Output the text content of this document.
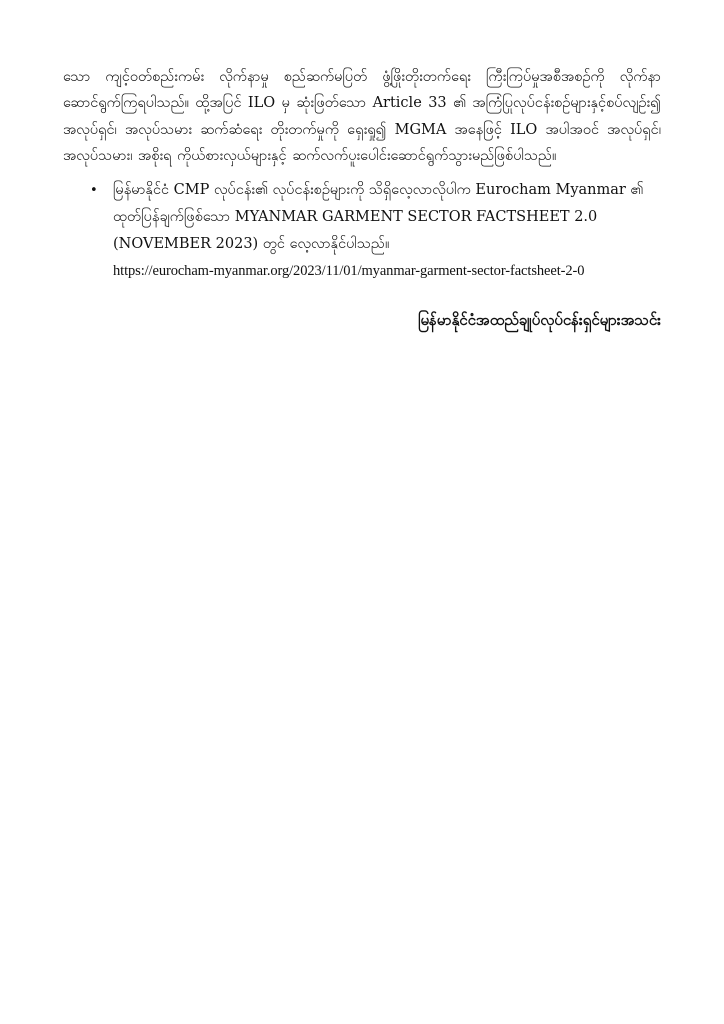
သော ကျင့်ဝတ်စည်းကမ်း လိုက်နာမှု စည်ဆက်မပြတ် ဖွံ့ဖြိုးတိုးတက်ရေး ကြီးကြပ်မှုအစီအစဉ်ကို လိုက်နာဆောင်ရွက်ကြရပါသည်။ ထို့အပြင် ILO မှ ဆုံးဖြတ်သော Article 33 ၏ အကြံပြုလုပ်ငန်းစဉ်များနှင့်စပ်လျဉ်း၍ အလုပ်ရှင်၊ အလုပ်သမား ဆက်ဆံရေး တိုးတက်မှုကို ရှေးရှု၍ MGMA အနေဖြင့် ILO အပါအဝင် အလုပ်ရှင်၊ အလုပ်သမား၊ အစိုးရ ကိုယ်စားလှယ်များနှင့် ဆက်လက်ပူးပေါင်းဆောင်ရွက်သွားမည်ဖြစ်ပါသည်။

• မြန်မာနိုင်ငံ CMP လုပ်ငန်း၏ လုပ်ငန်းစဉ်များကို သိရှိလေ့လာလိုပါက Eurocham Myanmar ၏ ထုတ်ပြန်ချက်ဖြစ်သော MYANMAR GARMENT SECTOR FACTSHEET 2.0 (NOVEMBER 2023) တွင် လေ့လာနိုင်ပါသည်။
https://eurocham-myanmar.org/2023/11/01/myanmar-garment-sector-factsheet-2-0

မြန်မာနိုင်ငံအထည်ချုပ်လုပ်ငန်းရှင်များအသင်း
